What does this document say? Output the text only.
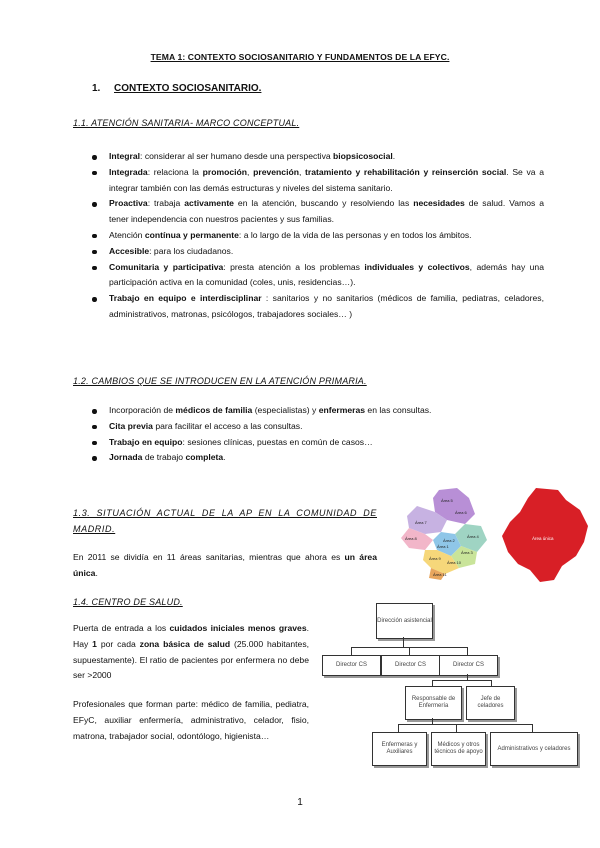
TEMA 1: CONTEXTO SOCIOSANITARIO Y FUNDAMENTOS DE LA EFYC.
1. CONTEXTO SOCIOSANITARIO.
1.1. ATENCIÓN SANITARIA- MARCO CONCEPTUAL.
Integral: considerar al ser humano desde una perspectiva biopsicosocial.
Integrada: relaciona la promoción, prevención, tratamiento y rehabilitación y reinserción social. Se va a integrar también con las demás estructuras y niveles del sistema sanitario.
Proactiva: trabaja activamente en la atención, buscando y resolviendo las necesidades de salud. Vamos a tener independencia con nuestros pacientes y sus familias.
Atención contínua y permanente: a lo largo de la vida de las personas y en todos los ámbitos.
Accesible: para los ciudadanos.
Comunitaria y participativa: presta atención a los problemas individuales y colectivos, además hay una participación activa en la comunidad (coles, unis, residencias…).
Trabajo en equipo e interdisciplinar : sanitarios y no sanitarios (médicos de familia, pediatras, celadores, administrativos, matronas, psicólogos, trabajadores sociales… )
1.2. CAMBIOS QUE SE INTRODUCEN EN LA ATENCIÓN PRIMARIA.
Incorporación de médicos de familia (especialistas) y enfermeras en las consultas.
Cita previa para facilitar el acceso a las consultas.
Trabajo en equipo: sesiones clínicas, puestas en común de casos…
Jornada de trabajo completa.
1.3. SITUACIÓN ACTUAL DE LA AP EN LA COMUNIDAD DE MADRID.

En 2011 se dividía en 11 áreas sanitarias, mientras que ahora es un área única.

Área 5
Área 6
Área 4
Área 7
Área 2
Área 3
Área 8
Área 1
Área 9
Área 10
Área 11
Área única
1.4. CENTRO DE SALUD.

Puerta de entrada a los cuidados iniciales menos graves. Hay 1 por cada zona básica de salud (25.000 habitantes, supuestamente). El ratio de pacientes por enfermera no debe ser >2000

Profesionales que forman parte: médico de familia, pediatra, EFyC, auxiliar enfermería, administrativo, celador, fisio, matrona, trabajador social, odontólogo, higienista…

Dirección asistencial
Director CS	Director CS	Director CS
Responsable de Enfermería
Jefe de celadores
Enfermeras y Auxiliares
Médicos y otros técnicos de apoyo
Administrativos y celadores
1
